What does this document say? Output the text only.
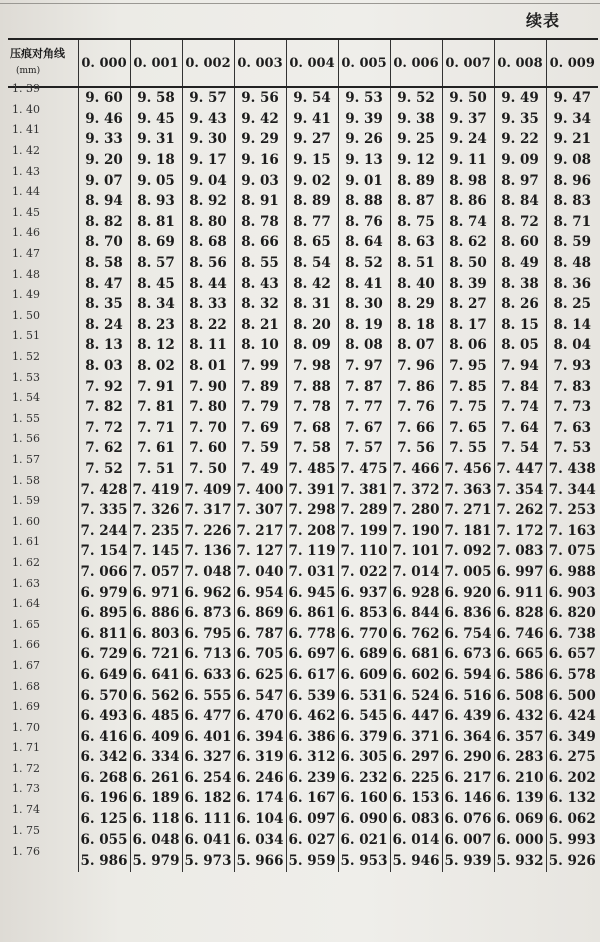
续表
压痕对角线
(mm)	0. 000	0. 001	0. 002	0. 003	0. 004	0. 005	0. 006	0. 007	0. 008	0. 009
1. 39	9. 60	9. 58	9. 57	9. 56	9. 54	9. 53	9. 52	9. 50	9. 49	9. 47
1. 40	9. 46	9. 45	9. 43	9. 42	9. 41	9. 39	9. 38	9. 37	9. 35	9. 34
1. 41	9. 33	9. 31	9. 30	9. 29	9. 27	9. 26	9. 25	9. 24	9. 22	9. 21
1. 42	9. 20	9. 18	9. 17	9. 16	9. 15	9. 13	9. 12	9. 11	9. 09	9. 08
1. 43	9. 07	9. 05	9. 04	9. 03	9. 02	9. 01	8. 89	8. 98	8. 97	8. 96
1. 44	8. 94	8. 93	8. 92	8. 91	8. 89	8. 88	8. 87	8. 86	8. 84	8. 83
1. 45	8. 82	8. 81	8. 80	8. 78	8. 77	8. 76	8. 75	8. 74	8. 72	8. 71
1. 46	8. 70	8. 69	8. 68	8. 66	8. 65	8. 64	8. 63	8. 62	8. 60	8. 59
1. 47	8. 58	8. 57	8. 56	8. 55	8. 54	8. 52	8. 51	8. 50	8. 49	8. 48
1. 48	8. 47	8. 45	8. 44	8. 43	8. 42	8. 41	8. 40	8. 39	8. 38	8. 36
1. 49	8. 35	8. 34	8. 33	8. 32	8. 31	8. 30	8. 29	8. 27	8. 26	8. 25
1. 50	8. 24	8. 23	8. 22	8. 21	8. 20	8. 19	8. 18	8. 17	8. 15	8. 14
1. 51	8. 13	8. 12	8. 11	8. 10	8. 09	8. 08	8. 07	8. 06	8. 05	8. 04
1. 52	8. 03	8. 02	8. 01	7. 99	7. 98	7. 97	7. 96	7. 95	7. 94	7. 93
1. 53	7. 92	7. 91	7. 90	7. 89	7. 88	7. 87	7. 86	7. 85	7. 84	7. 83
1. 54	7. 82	7. 81	7. 80	7. 79	7. 78	7. 77	7. 76	7. 75	7. 74	7. 73
1. 55	7. 72	7. 71	7. 70	7. 69	7. 68	7. 67	7. 66	7. 65	7. 64	7. 63
1. 56	7. 62	7. 61	7. 60	7. 59	7. 58	7. 57	7. 56	7. 55	7. 54	7. 53
1. 57	7. 52	7. 51	7. 50	7. 49	7. 485	7. 475	7. 466	7. 456	7. 447	7. 438
1. 58	7. 428	7. 419	7. 409	7. 400	7. 391	7. 381	7. 372	7. 363	7. 354	7. 344
1. 59	7. 335	7. 326	7. 317	7. 307	7. 298	7. 289	7. 280	7. 271	7. 262	7. 253
1. 60	7. 244	7. 235	7. 226	7. 217	7. 208	7. 199	7. 190	7. 181	7. 172	7. 163
1. 61	7. 154	7. 145	7. 136	7. 127	7. 119	7. 110	7. 101	7. 092	7. 083	7. 075
1. 62	7. 066	7. 057	7. 048	7. 040	7. 031	7. 022	7. 014	7. 005	6. 997	6. 988
1. 63	6. 979	6. 971	6. 962	6. 954	6. 945	6. 937	6. 928	6. 920	6. 911	6. 903
1. 64	6. 895	6. 886	6. 873	6. 869	6. 861	6. 853	6. 844	6. 836	6. 828	6. 820
1. 65	6. 811	6. 803	6. 795	6. 787	6. 778	6. 770	6. 762	6. 754	6. 746	6. 738
1. 66	6. 729	6. 721	6. 713	6. 705	6. 697	6. 689	6. 681	6. 673	6. 665	6. 657
1. 67	6. 649	6. 641	6. 633	6. 625	6. 617	6. 609	6. 602	6. 594	6. 586	6. 578
1. 68	6. 570	6. 562	6. 555	6. 547	6. 539	6. 531	6. 524	6. 516	6. 508	6. 500
1. 69	6. 493	6. 485	6. 477	6. 470	6. 462	6. 545	6. 447	6. 439	6. 432	6. 424
1. 70	6. 416	6. 409	6. 401	6. 394	6. 386	6. 379	6. 371	6. 364	6. 357	6. 349
1. 71	6. 342	6. 334	6. 327	6. 319	6. 312	6. 305	6. 297	6. 290	6. 283	6. 275
1. 72	6. 268	6. 261	6. 254	6. 246	6. 239	6. 232	6. 225	6. 217	6. 210	6. 202
1. 73	6. 196	6. 189	6. 182	6. 174	6. 167	6. 160	6. 153	6. 146	6. 139	6. 132
1. 74	6. 125	6. 118	6. 111	6. 104	6. 097	6. 090	6. 083	6. 076	6. 069	6. 062
1. 75	6. 055	6. 048	6. 041	6. 034	6. 027	6. 021	6. 014	6. 007	6. 000	5. 993
1. 76	5. 986	5. 979	5. 973	5. 966	5. 959	5. 953	5. 946	5. 939	5. 932	5. 926
